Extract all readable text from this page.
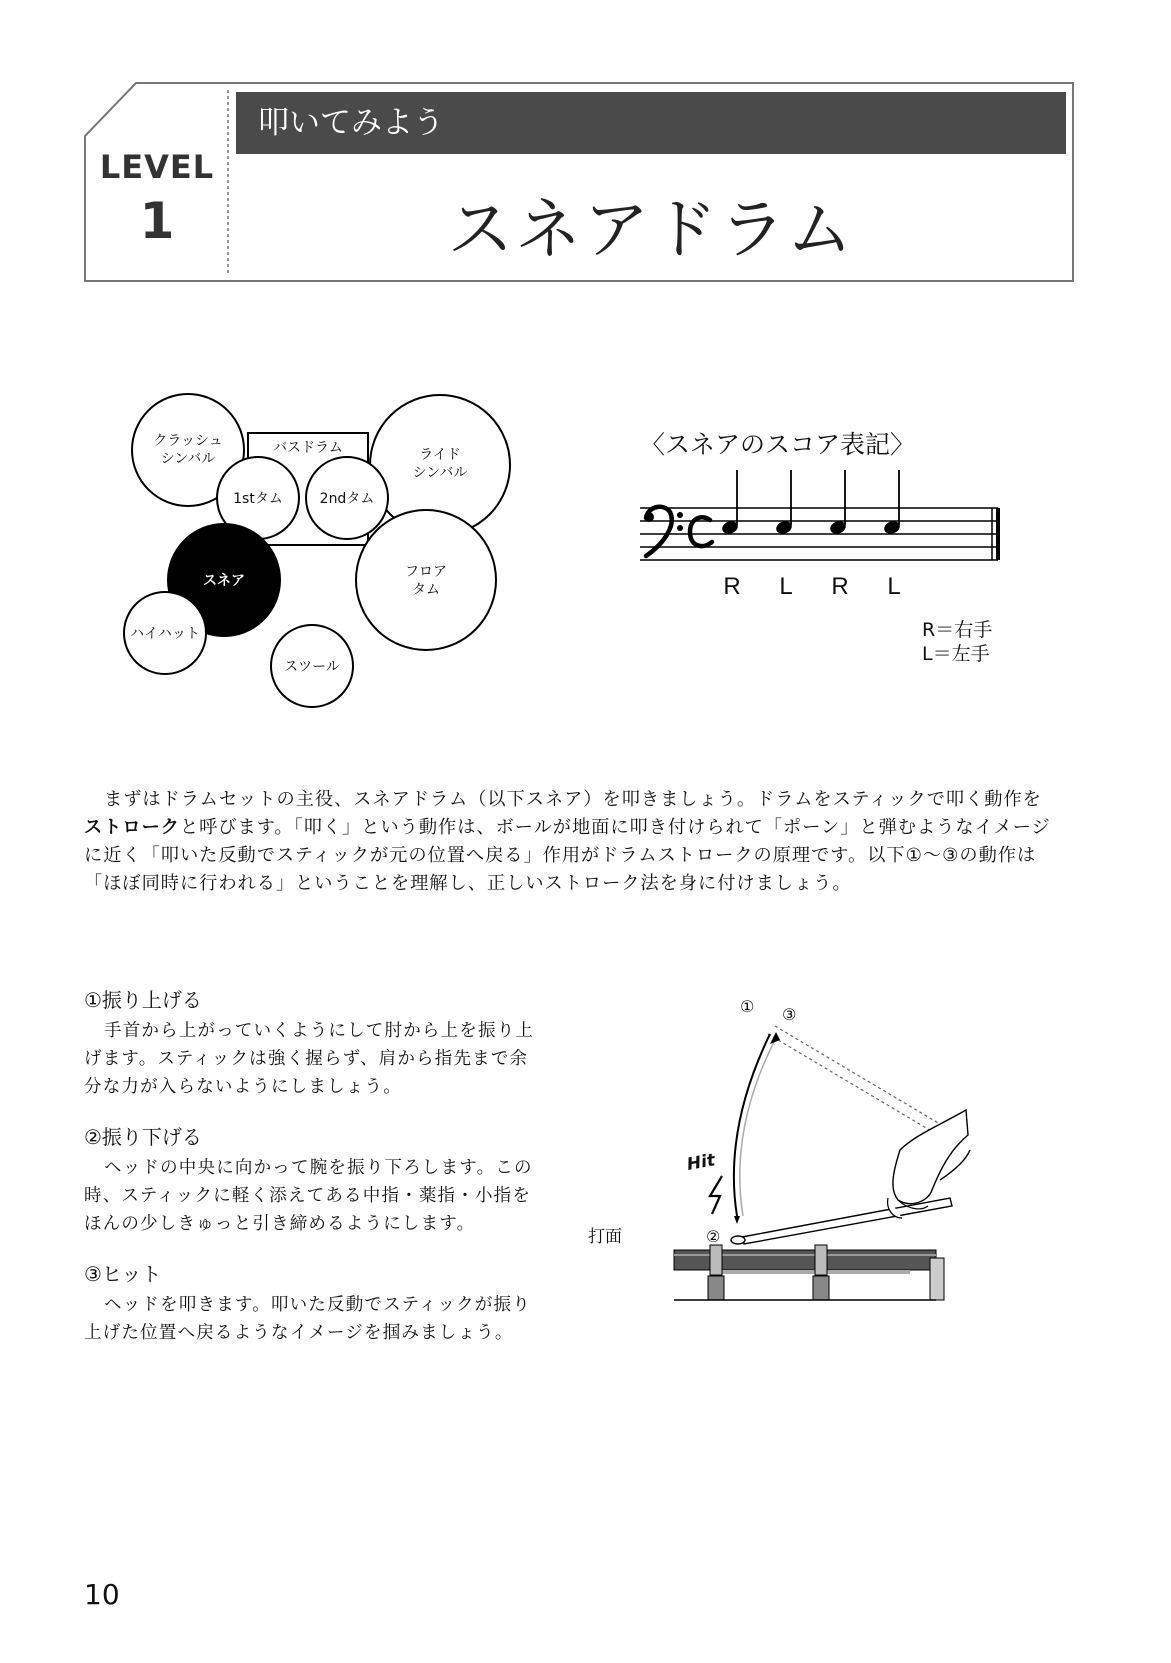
LEVEL
1
叩いてみよう
スネアドラム
クラッシュ
シンバル
バスドラム	ライド
シンバル
1stタム	2ndタム
フロア
タム
スネア
ハイハット
スツール
〈スネアのスコア表記〉
R L R L
R＝右手
L＝左手

まずはドラムセットの主役、スネアドラム（以下スネア）を叩きましょう。ドラムをスティックで叩く動作を

ストロークと呼びます。「叩く」という動作は、ボールが地面に叩き付けられて「ポーン」と弾むようなイメージ
に近く「叩いた反動でスティックが元の位置へ戻る」作用がドラムストロークの原理です。以下①～③の動作は
「ほぼ同時に行われる」ということを理解し、正しいストローク法を身に付けましょう。
①振り上げる

手首から上がっていくようにして肘から上を振り上

げます。スティックは強く握らず、肩から指先まで余
分な力が入らないようにしましょう。
②振り下げる

ヘッドの中央に向かって腕を振り下ろします。この

時、スティックに軽く添えてある中指・薬指・小指を
ほんの少しきゅっと引き締めるようにします。
③ヒット

ヘッドを叩きます。叩いた反動でスティックが振り

上げた位置へ戻るようなイメージを掴みましょう。
打面
Hit
②
① ③
10
